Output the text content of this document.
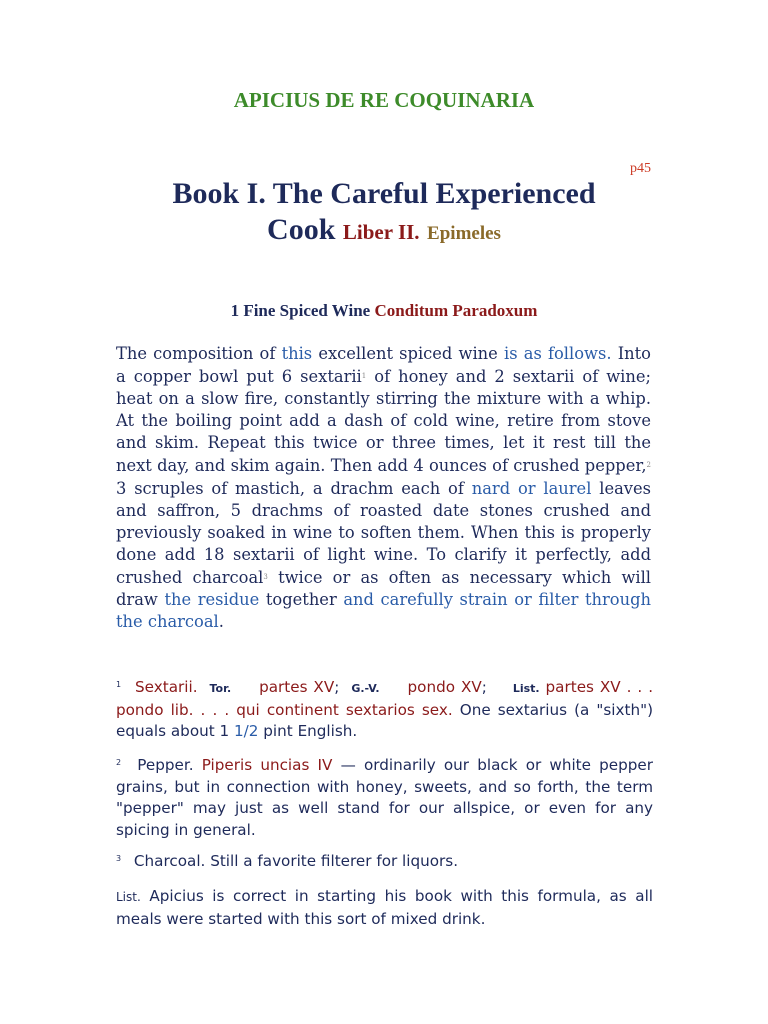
APICIUS DE RE COQUINARIA
p45
Book I. The Careful Experienced
Cook Liber II. Epimeles
1 Fine Spiced Wine Conditum Paradoxum
The composition of this excellent spiced wine is as follows. Into a copper bowl put 6 sextarii$^1$ of honey and 2 sextarii of wine; heat on a slow fire, constantly stirring the mixture with a whip. At the boiling point add a dash of cold wine, retire from stove and skim. Repeat this twice or three times, let it rest till the next day, and skim again. Then add 4 ounces of crushed pepper,$^2$ 3 scruples of mastich, a drachm each of nard or laurel leaves and saffron, 5 drachms of roasted date stones crushed and previously soaked in wine to soften them. When this is properly done add 18 sextarii of light wine. To clarify it perfectly, add crushed charcoal$^3$ twice or as often as necessary which will draw the residue together and carefully strain or filter through the charcoal.
$^1$ Sextarii. Tor. partes XV; G.-V. pondo XV; List. partes XV . . . pondo lib. . . . qui continent sextarios sex. One sextarius (a "sixth") equals about 1 1/2 pint English.
$^2$ Pepper. Piperis uncias IV — ordinarily our black or white pepper grains, but in connection with honey, sweets, and so forth, the term "pepper" may just as well stand for our allspice, or even for any spicing in general.
$^3$ Charcoal. Still a favorite filterer for liquors.
List. Apicius is correct in starting his book with this formula, as all meals were started with this sort of mixed drink.
